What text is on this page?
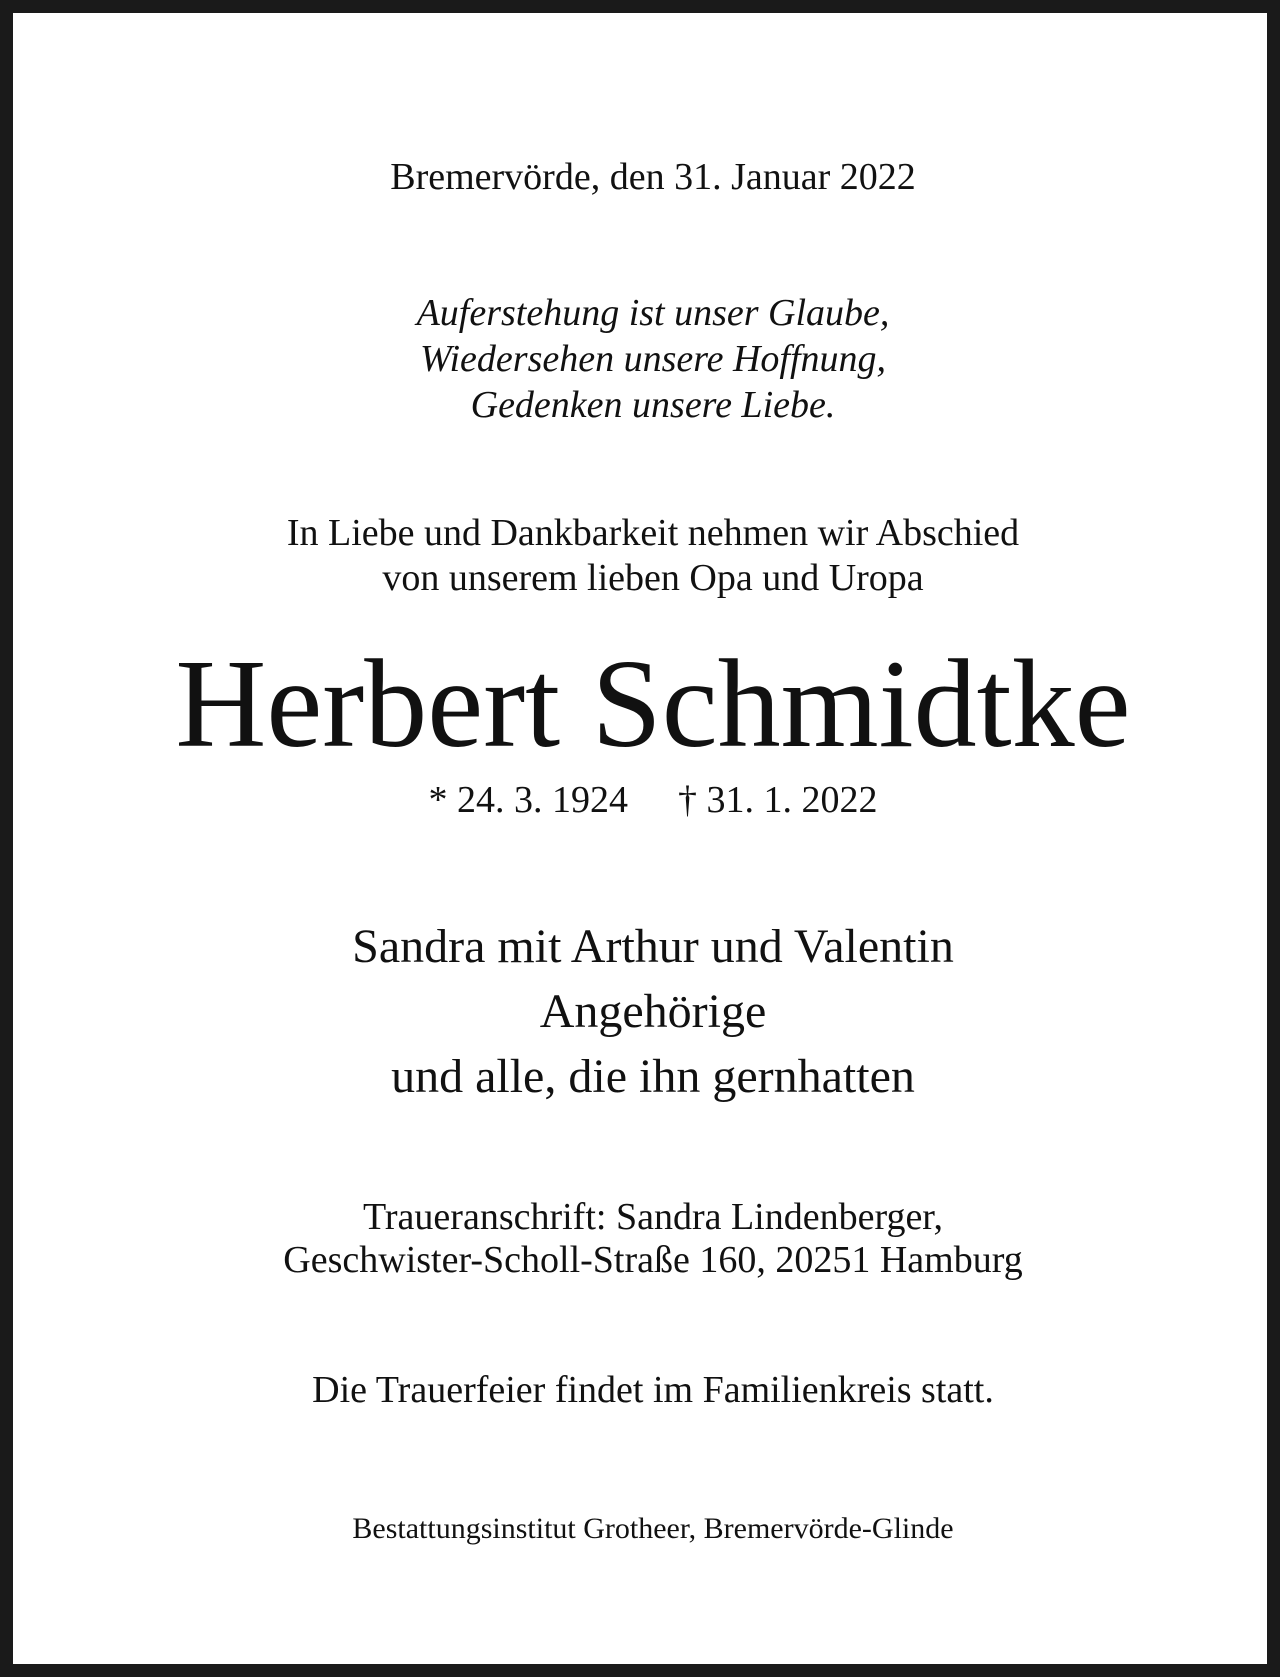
Bremervörde, den 31. Januar 2022
Auferstehung ist unser Glaube,
Wiedersehen unsere Hoffnung,
Gedenken unsere Liebe.
In Liebe und Dankbarkeit nehmen wir Abschied
von unserem lieben Opa und Uropa
Herbert Schmidtke
* 24. 3. 1924 † 31. 1. 2022
Sandra mit Arthur und Valentin
Angehörige
und alle, die ihn gernhatten
Traueranschrift: Sandra Lindenberger,
Geschwister-Scholl-Straße 160, 20251 Hamburg
Die Trauerfeier findet im Familienkreis statt.
Bestattungsinstitut Grotheer, Bremervörde-Glinde
